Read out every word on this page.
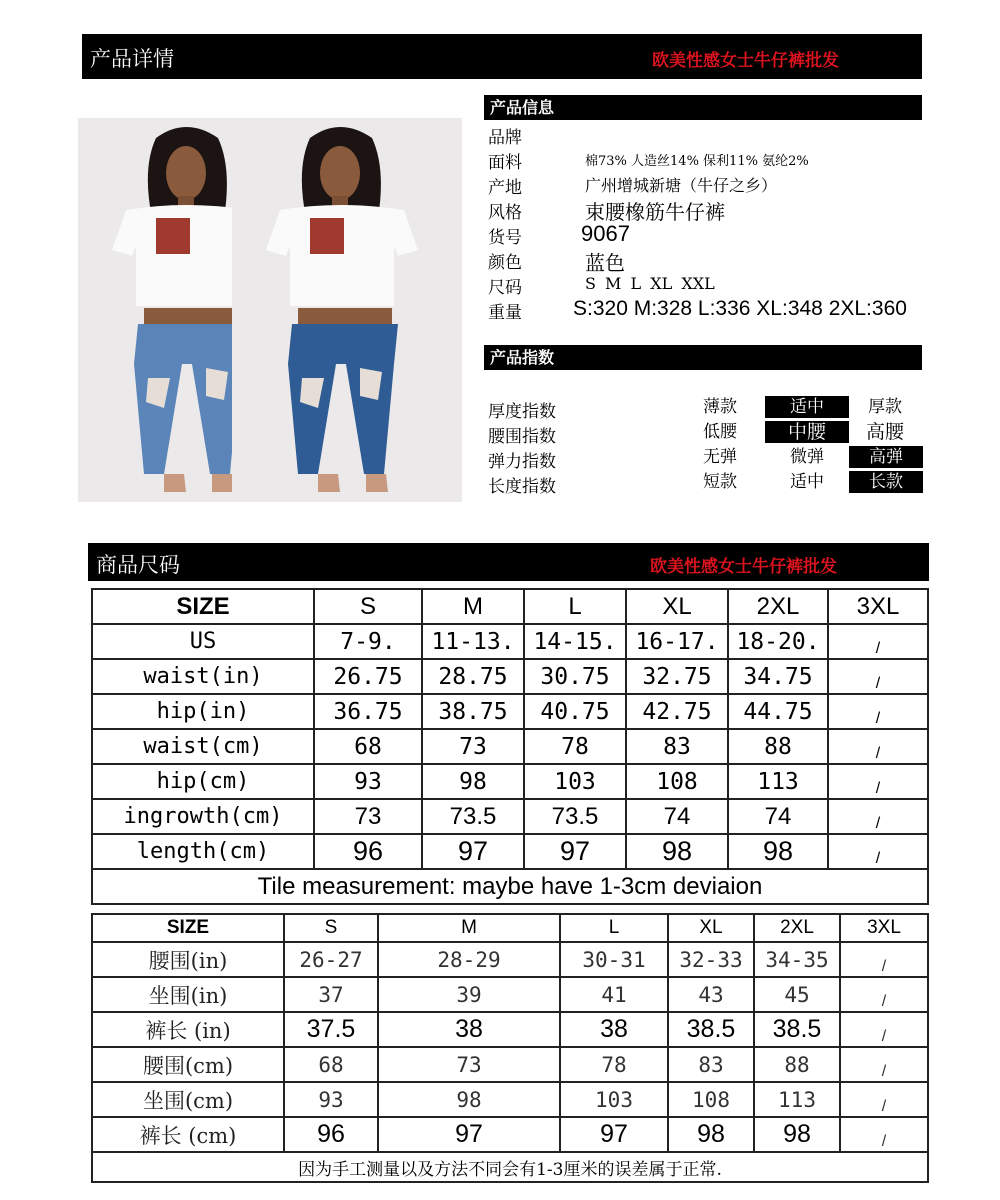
产品详情	欧美性感女士牛仔裤批发
产品信息
品牌
面料	棉73% 人造丝14% 保利11% 氨纶2%
产地	广州增城新塘（牛仔之乡）
风格	束腰橡筋牛仔裤
货号	9067
颜色	蓝色
尺码	S M L XL XXL
重量 S:320 M:328 L:336 XL:348 2XL:360
产品指数
厚度指数	薄款	适中	厚款
腰围指数	低腰	中腰	高腰
弹力指数	无弹	微弹	高弹
长度指数	短款	适中	长款
商品尺码	欧美性感女士牛仔裤批发
SIZE	S	M	L	XL	2XL	3XL
US	7-9.	11-13.	14-15.	16-17.	18-20.	/
waist(in)	26.75	28.75	30.75	32.75	34.75	/
hip(in)	36.75	38.75	40.75	42.75	44.75	/
waist(cm)	68	73	78	83	88	/
hip(cm)	93	98	103	108	113	/
ingrowth(cm)	73	73.5	73.5	74	74	/
length(cm)	96	97	97	98	98	/
Tile measurement: maybe have 1-3cm deviaion						
SIZE	S	M	L	XL	2XL	3XL
腰围(in)	26-27	28-29	30-31	32-33	34-35	/
坐围(in)	37	39	41	43	45	/
裤长 (in)	37.5	38	38	38.5	38.5	/
腰围(cm)	68	73	78	83	88	/
坐围(cm)	93	98	103	108	113	/
裤长 (cm)	96	97	97	98	98	/
因为手工测量以及方法不同会有1-3厘米的误差属于正常.						
